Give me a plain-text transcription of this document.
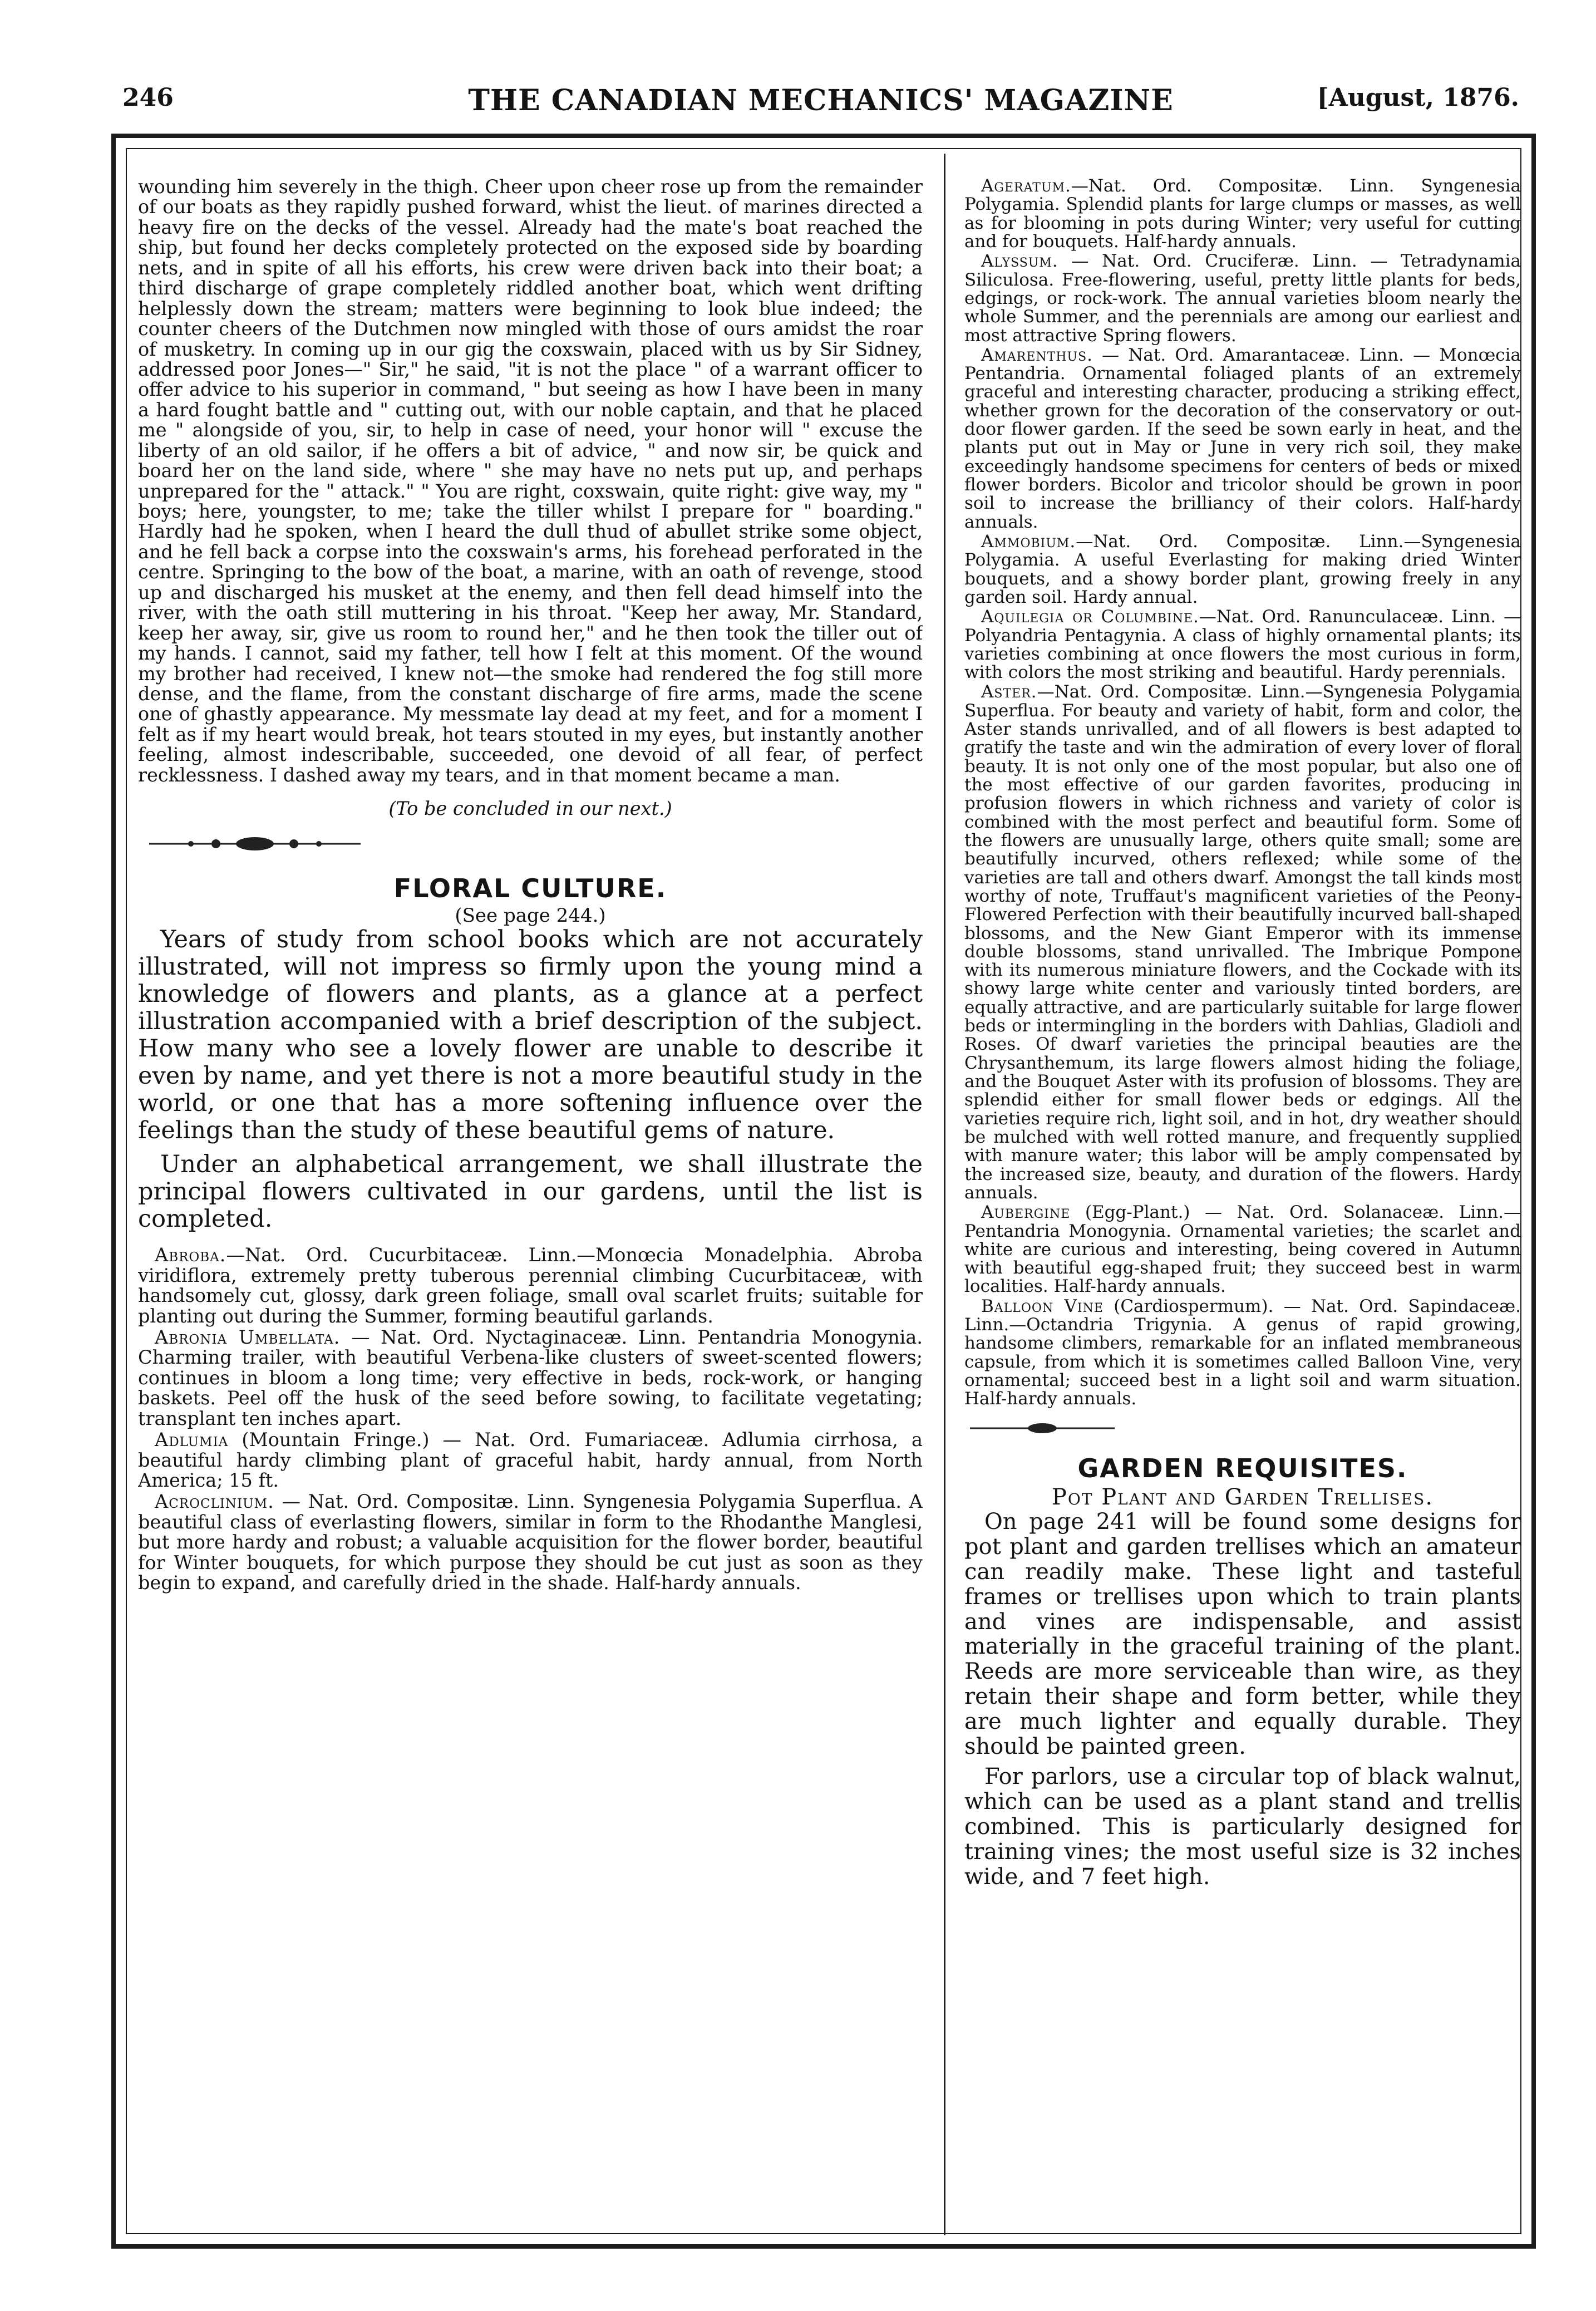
246	THE CANADIAN MECHANICS' MAGAZINE	[August, 1876.

wounding him severely in the thigh. Cheer upon cheer rose up from the remainder of our boats as they rapidly pushed forward, whist the lieut. of marines directed a heavy fire on the decks of the vessel. Already had the mate's boat reached the ship, but found her decks completely protected on the exposed side by boarding nets, and in spite of all his efforts, his crew were driven back into their boat; a third discharge of grape completely riddled another boat, which went drifting helplessly down the stream; matters were beginning to look blue indeed; the counter cheers of the Dutchmen now mingled with those of ours amidst the roar of musketry. In coming up in our gig the coxswain, placed with us by Sir Sidney, addressed poor Jones—" Sir," he said, "it is not the place " of a warrant officer to offer advice to his superior in command, " but seeing as how I have been in many a hard fought battle and " cutting out, with our noble captain, and that he placed me " alongside of you, sir, to help in case of need, your honor will " excuse the liberty of an old sailor, if he offers a bit of advice, " and now sir, be quick and board her on the land side, where " she may have no nets put up, and perhaps unprepared for the " attack." " You are right, coxswain, quite right: give way, my " boys; here, youngster, to me; take the tiller whilst I prepare for " boarding." Hardly had he spoken, when I heard the dull thud of abullet strike some object, and he fell back a corpse into the coxswain's arms, his forehead perforated in the centre. Springing to the bow of the boat, a marine, with an oath of revenge, stood up and discharged his musket at the enemy, and then fell dead himself into the river, with the oath still muttering in his throat. "Keep her away, Mr. Standard, keep her away, sir, give us room to round her," and he then took the tiller out of my hands. I cannot, said my father, tell how I felt at this moment. Of the wound my brother had received, I knew not—the smoke had rendered the fog still more dense, and the flame, from the constant discharge of fire arms, made the scene one of ghastly appearance. My messmate lay dead at my feet, and for a moment I felt as if my heart would break, hot tears stouted in my eyes, but instantly another feeling, almost indescribable, succeeded, one devoid of all fear, of perfect recklessness. I dashed away my tears, and in that moment became a man.

(To be concluded in our next.)

FLORAL CULTURE.

(See page 244.)

Years of study from school books which are not accurately illustrated, will not impress so firmly upon the young mind a knowledge of flowers and plants, as a glance at a perfect illustration accompanied with a brief description of the subject. How many who see a lovely flower are unable to describe it even by name, and yet there is not a more beautiful study in the world, or one that has a more softening influence over the feelings than the study of these beautiful gems of nature.

Under an alphabetical arrangement, we shall illustrate the principal flowers cultivated in our gardens, until the list is completed.

Abroba.—Nat. Ord. Cucurbitaceæ. Linn.—Monœcia Monadelphia. Abroba viridiflora, extremely pretty tuberous perennial climbing Cucurbitaceæ, with handsomely cut, glossy, dark green foliage, small oval scarlet fruits; suitable for planting out during the Summer, forming beautiful garlands.

Abronia Umbellata. — Nat. Ord. Nyctaginaceæ. Linn. Pentandria Monogynia. Charming trailer, with beautiful Verbena-like clusters of sweet-scented flowers; continues in bloom a long time; very effective in beds, rock-work, or hanging baskets. Peel off the husk of the seed before sowing, to facilitate vegetating; transplant ten inches apart.

Adlumia (Mountain Fringe.) — Nat. Ord. Fumariaceæ. Adlumia cirrhosa, a beautiful hardy climbing plant of graceful habit, hardy annual, from North America; 15 ft.

Acroclinium. — Nat. Ord. Compositæ. Linn. Syngenesia Polygamia Superflua. A beautiful class of everlasting flowers, similar in form to the Rhodanthe Manglesi, but more hardy and robust; a valuable acquisition for the flower border, beautiful for Winter bouquets, for which purpose they should be cut just as soon as they begin to expand, and carefully dried in the shade. Half-hardy annuals.

Ageratum.—Nat. Ord. Compositæ. Linn. Syngenesia Polygamia. Splendid plants for large clumps or masses, as well as for blooming in pots during Winter; very useful for cutting and for bouquets. Half-hardy annuals.

Alyssum. — Nat. Ord. Cruciferæ. Linn. — Tetradynamia Siliculosa. Free-flowering, useful, pretty little plants for beds, edgings, or rock-work. The annual varieties bloom nearly the whole Summer, and the perennials are among our earliest and most attractive Spring flowers.

Amarenthus. — Nat. Ord. Amarantaceæ. Linn. — Monœcia Pentandria. Ornamental foliaged plants of an extremely graceful and interesting character, producing a striking effect, whether grown for the decoration of the conservatory or out-door flower garden. If the seed be sown early in heat, and the plants put out in May or June in very rich soil, they make exceedingly handsome specimens for centers of beds or mixed flower borders. Bicolor and tricolor should be grown in poor soil to increase the brilliancy of their colors. Half-hardy annuals.

Ammobium.—Nat. Ord. Compositæ. Linn.—Syngenesia Polygamia. A useful Everlasting for making dried Winter bouquets, and a showy border plant, growing freely in any garden soil. Hardy annual.

Aquilegia or Columbine.—Nat. Ord. Ranunculaceæ. Linn. —Polyandria Pentagynia. A class of highly ornamental plants; its varieties combining at once flowers the most curious in form, with colors the most striking and beautiful. Hardy perennials.

Aster.—Nat. Ord. Compositæ. Linn.—Syngenesia Polygamia Superflua. For beauty and variety of habit, form and color, the Aster stands unrivalled, and of all flowers is best adapted to gratify the taste and win the admiration of every lover of floral beauty. It is not only one of the most popular, but also one of the most effective of our garden favorites, producing in profusion flowers in which richness and variety of color is combined with the most perfect and beautiful form. Some of the flowers are unusually large, others quite small; some are beautifully incurved, others reflexed; while some of the varieties are tall and others dwarf. Amongst the tall kinds most worthy of note, Truffaut's magnificent varieties of the Peony-Flowered Perfection with their beautifully incurved ball-shaped blossoms, and the New Giant Emperor with its immense double blossoms, stand unrivalled. The Imbrique Pompone with its numerous miniature flowers, and the Cockade with its showy large white center and variously tinted borders, are equally attractive, and are particularly suitable for large flower beds or intermingling in the borders with Dahlias, Gladioli and Roses. Of dwarf varieties the principal beauties are the Chrysanthemum, its large flowers almost hiding the foliage, and the Bouquet Aster with its profusion of blossoms. They are splendid either for small flower beds or edgings. All the varieties require rich, light soil, and in hot, dry weather should be mulched with well rotted manure, and frequently supplied with manure water; this labor will be amply compensated by the increased size, beauty, and duration of the flowers. Hardy annuals.

Aubergine (Egg-Plant.) — Nat. Ord. Solanaceæ. Linn.— Pentandria Monogynia. Ornamental varieties; the scarlet and white are curious and interesting, being covered in Autumn with beautiful egg-shaped fruit; they succeed best in warm localities. Half-hardy annuals.

Balloon Vine (Cardiospermum). — Nat. Ord. Sapindaceæ. Linn.—Octandria Trigynia. A genus of rapid growing, handsome climbers, remarkable for an inflated membraneous capsule, from which it is sometimes called Balloon Vine, very ornamental; succeed best in a light soil and warm situation. Half-hardy annuals.

GARDEN REQUISITES.

Pot Plant and Garden Trellises.

On page 241 will be found some designs for pot plant and garden trellises which an amateur can readily make. These light and tasteful frames or trellises upon which to train plants and vines are indispensable, and assist materially in the graceful training of the plant. Reeds are more serviceable than wire, as they retain their shape and form better, while they are much lighter and equally durable. They should be painted green.

For parlors, use a circular top of black walnut, which can be used as a plant stand and trellis combined. This is particularly designed for training vines; the most useful size is 32 inches wide, and 7 feet high.
